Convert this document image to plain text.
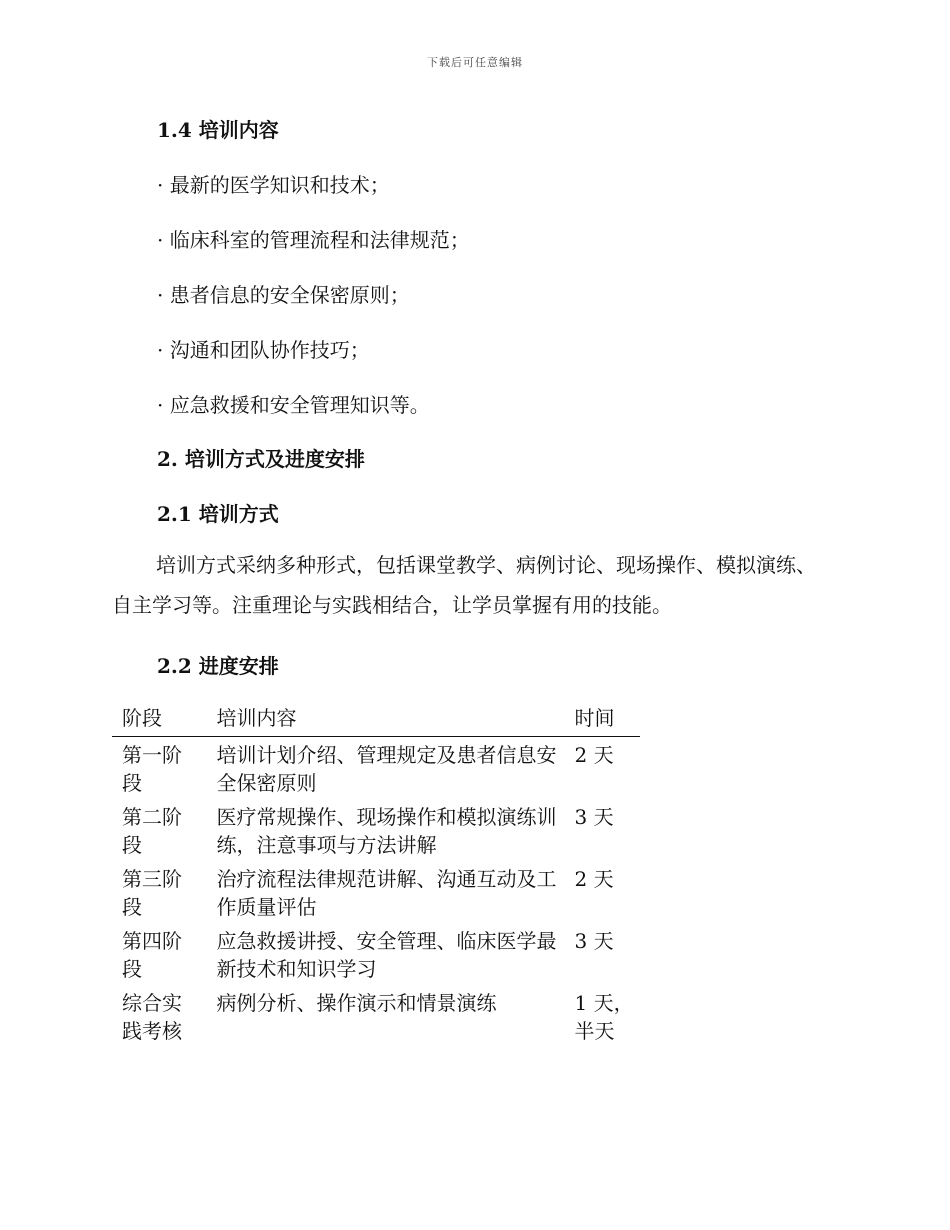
下载后可任意编辑
1.4 培训内容
· 最新的医学知识和技术；
· 临床科室的管理流程和法律规范；
· 患者信息的安全保密原则；
· 沟通和团队协作技巧；
· 应急救援和安全管理知识等。
2. 培训方式及进度安排
2.1 培训方式
培训方式采纳多种形式，包括课堂教学、病例讨论、现场操作、模拟演练、自主学习等。注重理论与实践相结合，让学员掌握有用的技能。
2.2 进度安排
阶段	培训内容	时间
第一阶段	培训计划介绍、管理规定及患者信息安全保密原则	2 天
第二阶段	医疗常规操作、现场操作和模拟演练训练，注意事项与方法讲解	3 天
第三阶段	治疗流程法律规范讲解、沟通互动及工作质量评估	2 天
第四阶段	应急救援讲授、安全管理、临床医学最新技术和知识学习	3 天
综合实践考核	病例分析、操作演示和情景演练	1 天，半天
